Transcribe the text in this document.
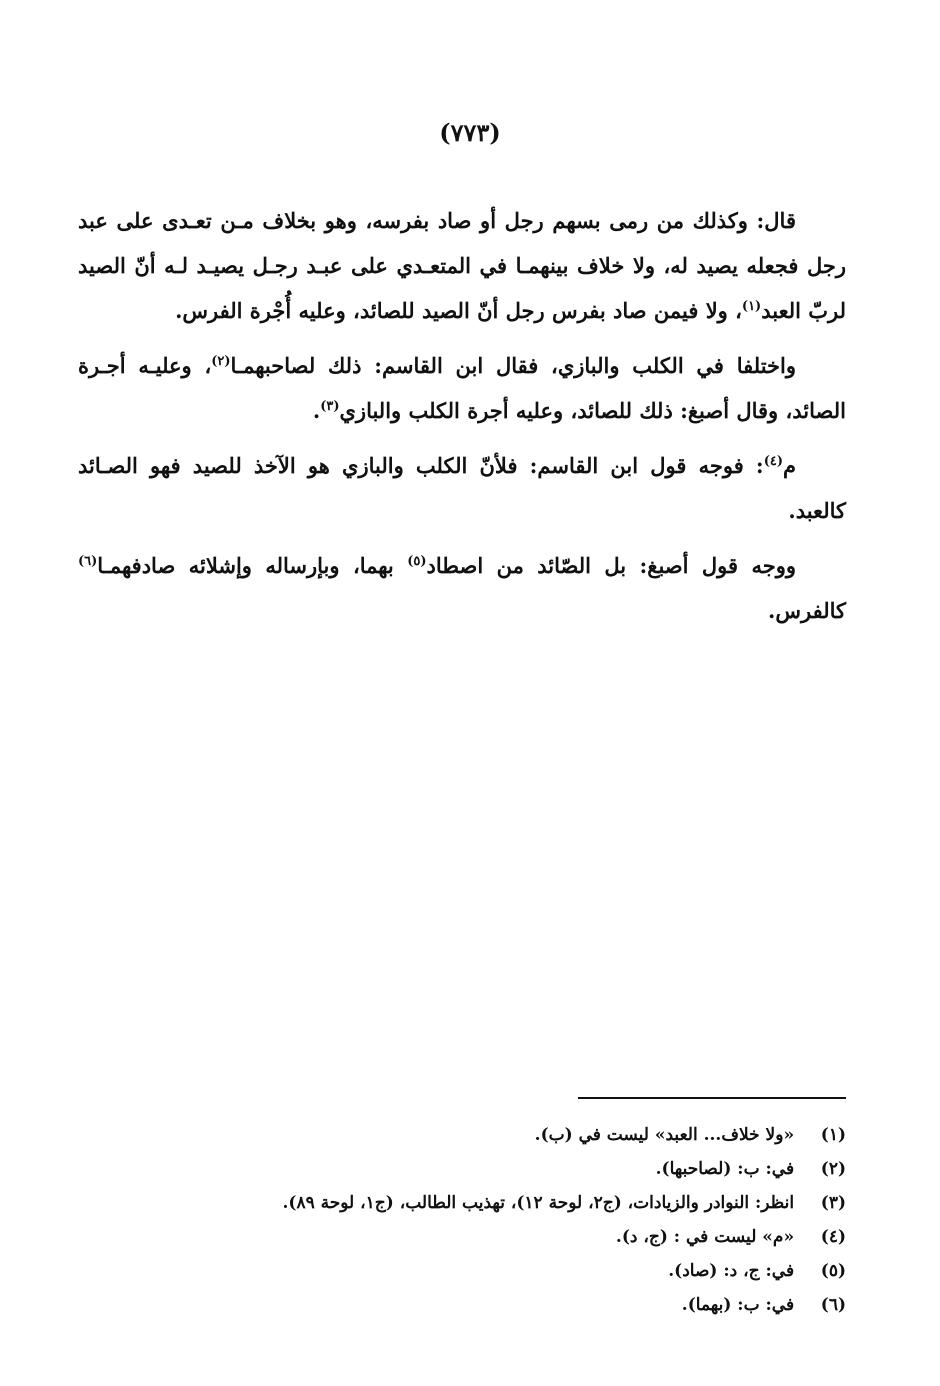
(٧٧٣)

قال: وكذلك من رمى بسهم رجل أو صاد بفرسه، وهو بخلاف مـن تعـدى على عبد رجل فجعله يصيد له، ولا خلاف بينهمـا في المتعـدي على عبـد رجـل يصيـد لـه أنّ الصيد لربّ العبد$^{(١)}$، ولا فيمن صاد بفرس رجل أنّ الصيد للصائد، وعليه أُجْرة الفرس.

واختلفا في الكلب والبازي، فقال ابن القاسم: ذلك لصاحبهمـا$^{(٢)}$، وعليـه أجـرة الصائد، وقال أصبغ: ذلك للصائد، وعليه أجرة الكلب والبازي$^{(٣)}$.

م$^{(٤)}$: فوجه قول ابن القاسم: فلأنّ الكلب والبازي هو الآخذ للصيد فهو الصـائد كالعبد.

ووجه قول أصبغ: بل الصّائد من اصطاد$^{(٥)}$ بهما، وبإرساله وإشلائه صادفهمـا$^{(٦)}$ كالفرس.

(١) «ولا خلاف... العبد» ليست في (ب).
(٢) في: ب: (لصاحبها).
(٣) انظر: النوادر والزيادات، (ج٢، لوحة ١٢)، تهذيب الطالب، (ج١، لوحة ٨٩).
(٤) «م» ليست في : (ج، د).
(٥) في: ج، د: (صاد).
(٦) في: ب: (بهما).
